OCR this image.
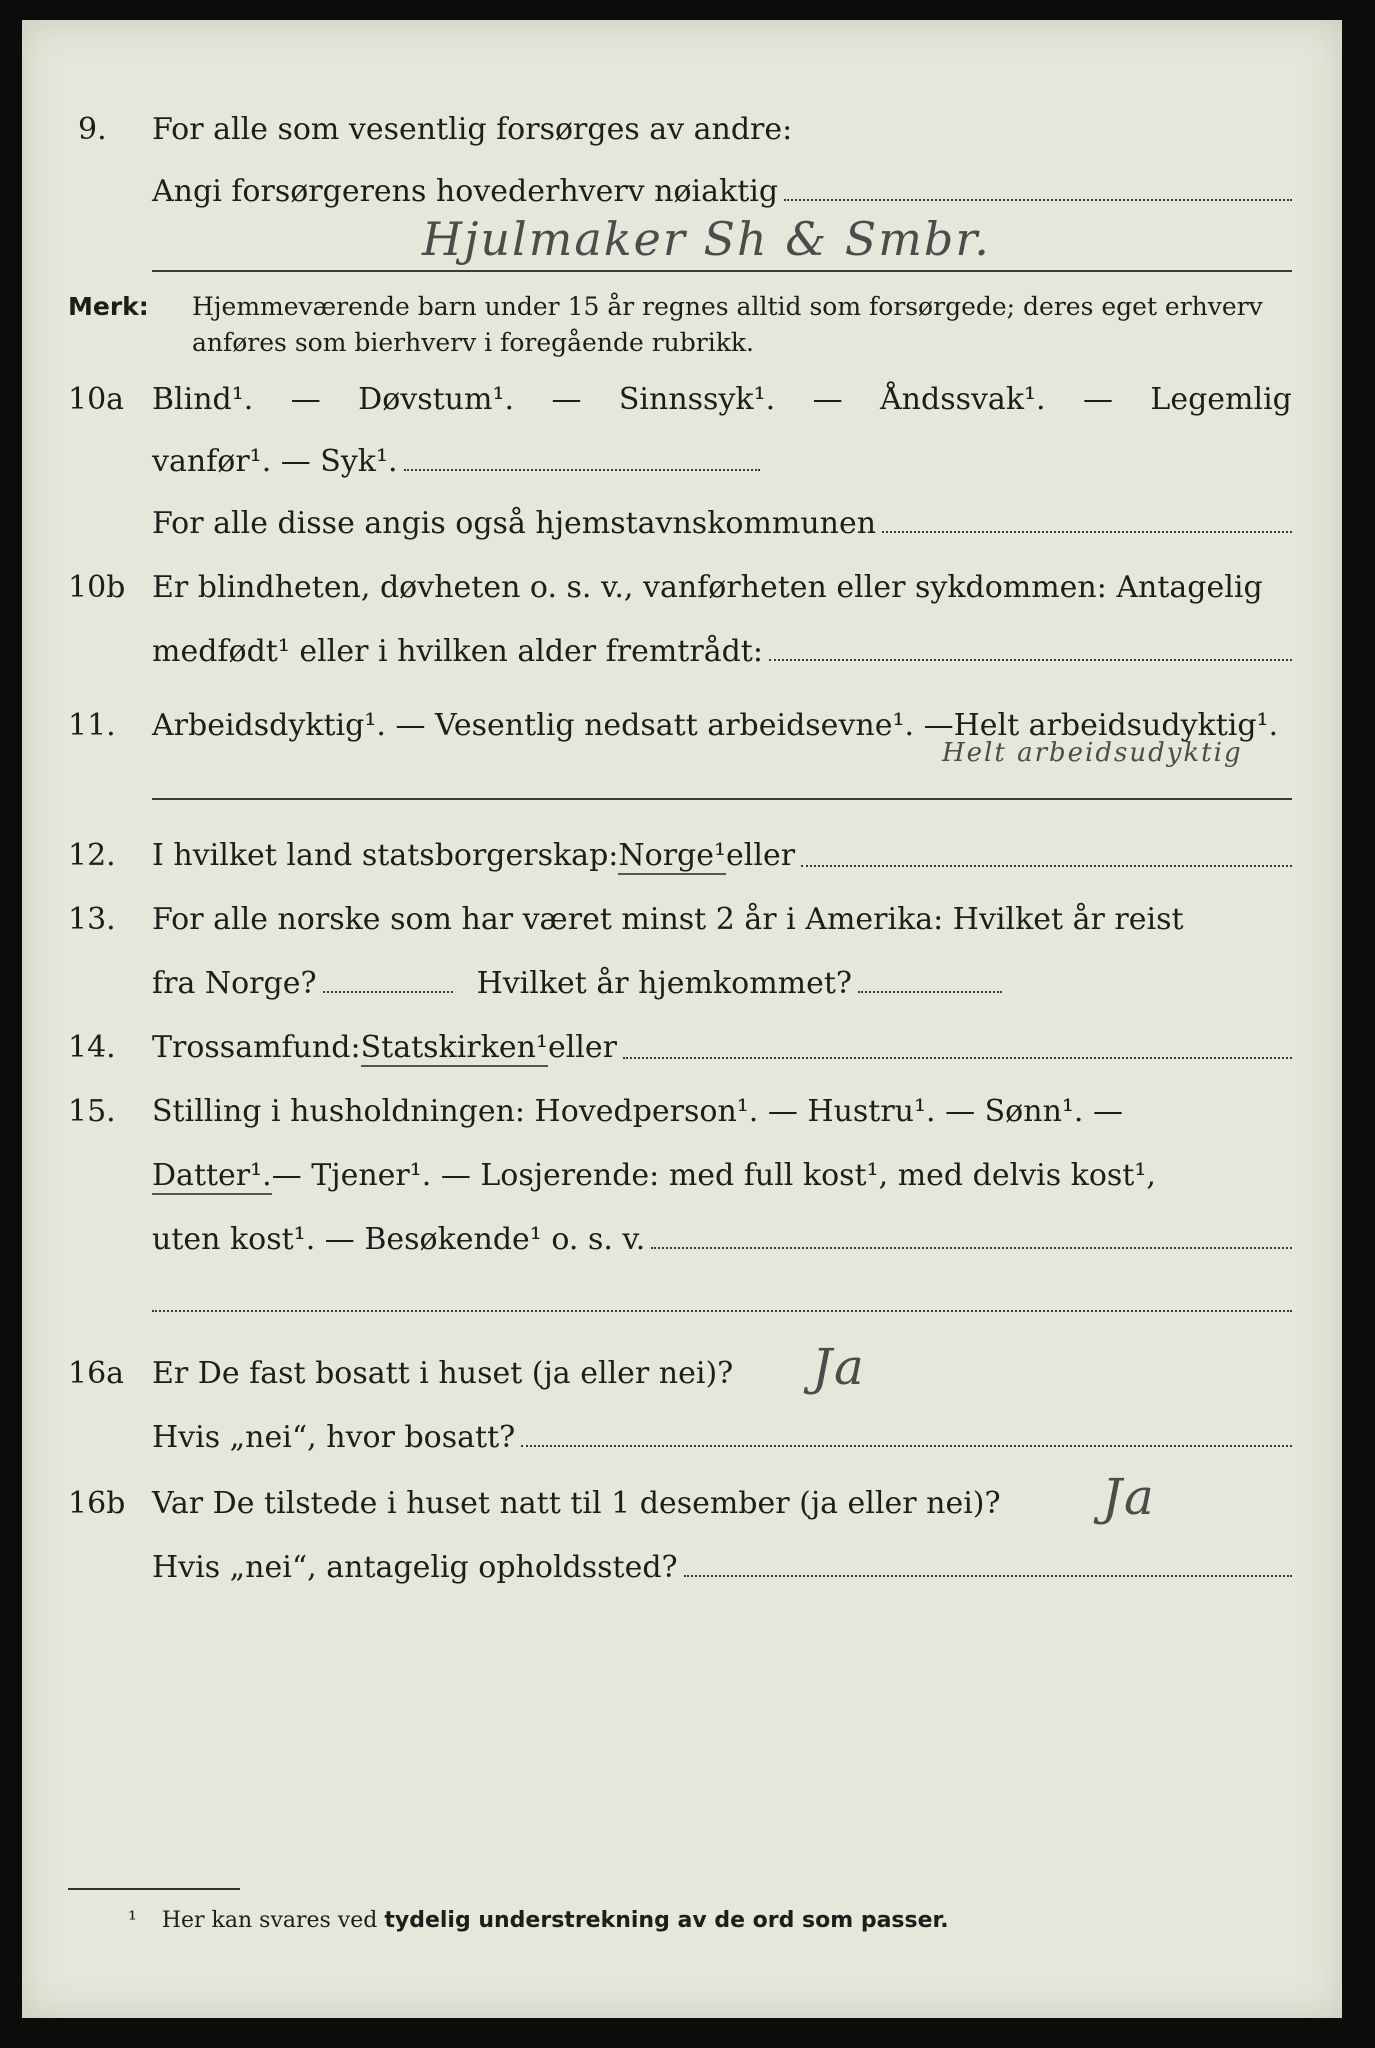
9. For alle som vesentlig forsørges av andre:
Angi forsørgerens hovederhverv nøiaktig
Hjulmaker Sh & Smbr.
Merk: Hjemmeværende barn under 15 år regnes alltid som forsørgede; deres eget erhverv
anføres som bierhverv i foregående rubrikk.
10a Blind¹. — Døvstum¹. — Sinnssyk¹. — Åndssvak¹. — Legemlig
vanfør¹. — Syk¹.
For alle disse angis også hjemstavnskommunen
10b Er blindheten, døvheten o. s. v., vanførheten eller sykdommen: Antagelig
medfødt¹ eller i hvilken alder fremtrådt:
11. Arbeidsdyktig¹. — Vesentlig nedsatt arbeidsevne¹. — Helt arbeidsudyktig¹.
Helt arbeidsudyktig
12. I hvilket land statsborgerskap: Norge¹ eller
13. For alle norske som har været minst 2 år i Amerika: Hvilket år reist
fra Norge?	Hvilket år hjemkommet?
14. Trossamfund: Statskirken¹ eller
15. Stilling i husholdningen: Hovedperson¹. — Hustru¹. — Sønn¹. —
Datter¹. — Tjener¹. — Losjerende: med full kost¹, med delvis kost¹,
uten kost¹. — Besøkende¹ o. s. v.
16a Er De fast bosatt i huset (ja eller nei)? Ja
Hvis „nei“, hvor bosatt?
16b Var De tilstede i huset natt til 1 desember (ja eller nei)? Ja
Hvis „nei“, antagelig opholdssted?
¹ Her kan svares ved tydelig understrekning av de ord som passer.
